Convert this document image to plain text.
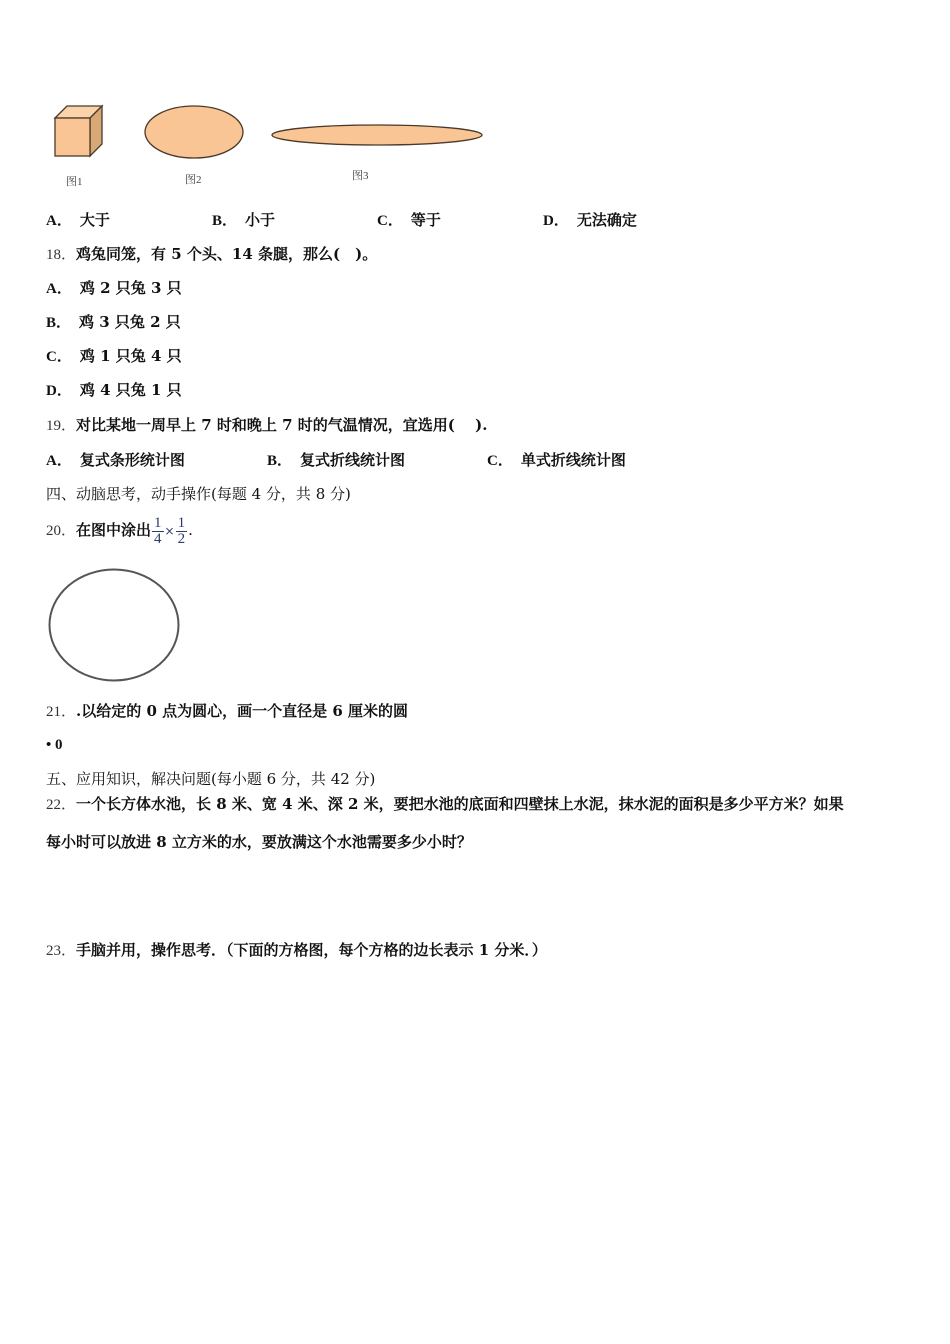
图1	图2	图3
A． 大于	B． 小于	C． 等于	D． 无法确定
18．鸡兔同笼，有 5 个头、14 条腿，那么(　)。
A． 鸡 2 只兔 3 只
B． 鸡 3 只兔 2 只
C． 鸡 1 只兔 4 只
D． 鸡 4 只兔 1 只
19．对比某地一周早上 7 时和晚上 7 时的气温情况，宜选用(　 ).
A． 复式条形统计图	B． 复式折线统计图	C． 单式折线统计图
四、动脑思考，动手操作(每题 4 分，共 8 分)
20．在图中涂出 $\frac{1}{4} \times \frac{1}{2}$ .
21．.以给定的 0 点为圆心，画一个直径是 6 厘米的圆
• 0
五、应用知识，解决问题(每小题 6 分，共 42 分)
22．一个长方体水池，长 8 米、宽 4 米、深 2 米，要把水池的底面和四壁抹上水泥，抹水泥的面积是多少平方米？如果
每小时可以放进 8 立方米的水，要放满这个水池需要多少小时？
23．手脑并用，操作思考．（下面的方格图，每个方格的边长表示 1 分米．）
